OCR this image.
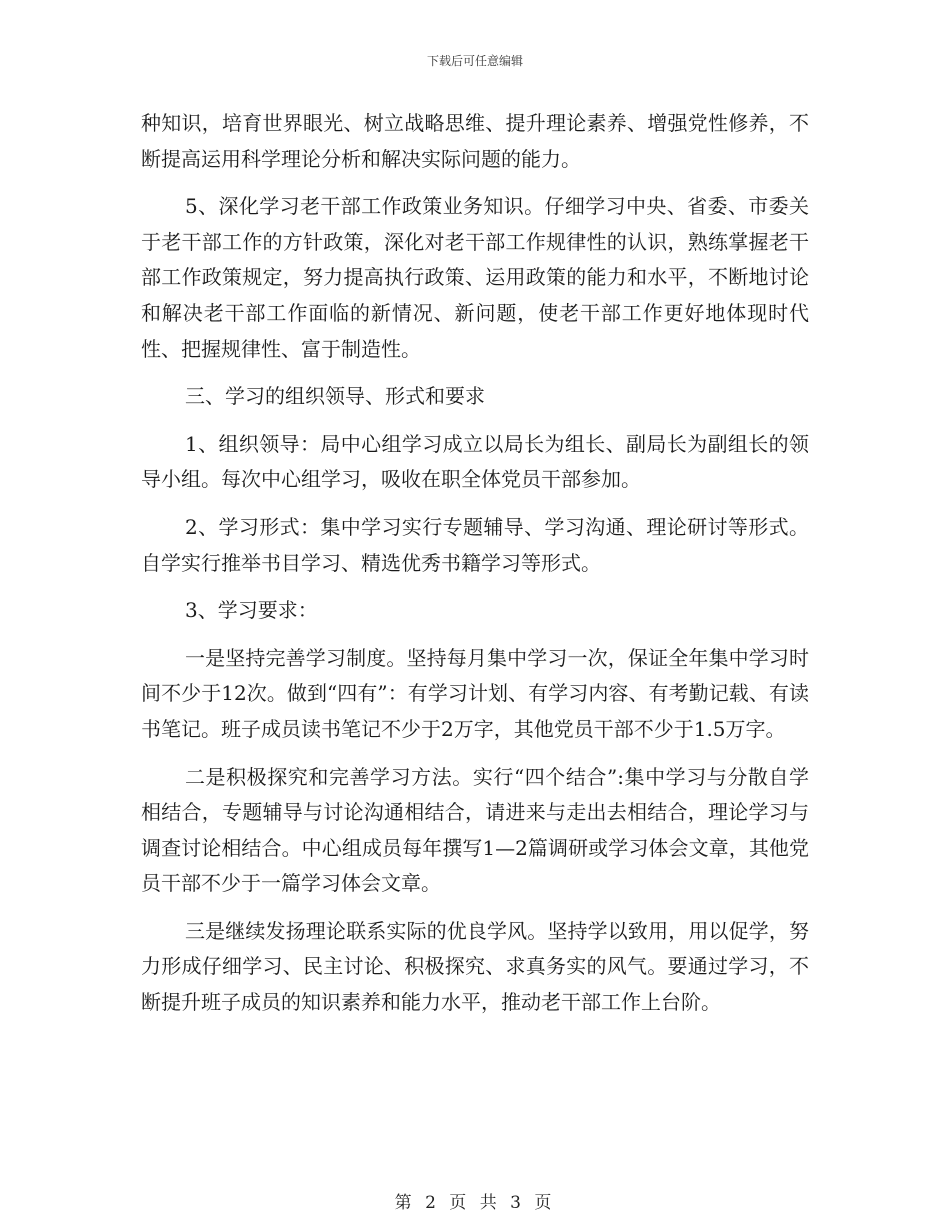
下载后可任意编辑

种知识，培育世界眼光、树立战略思维、提升理论素养、增强党性修养，不断提高运用科学理论分析和解决实际问题的能力。

5、深化学习老干部工作政策业务知识。仔细学习中央、省委、市委关于老干部工作的方针政策，深化对老干部工作规律性的认识，熟练掌握老干部工作政策规定，努力提高执行政策、运用政策的能力和水平，不断地讨论和解决老干部工作面临的新情况、新问题，使老干部工作更好地体现时代性、把握规律性、富于制造性。

三、学习的组织领导、形式和要求

1、组织领导：局中心组学习成立以局长为组长、副局长为副组长的领导小组。每次中心组学习，吸收在职全体党员干部参加。

2、学习形式：集中学习实行专题辅导、学习沟通、理论研讨等形式。自学实行推举书目学习、精选优秀书籍学习等形式。

3、学习要求：

一是坚持完善学习制度。坚持每月集中学习一次，保证全年集中学习时间不少于12次。做到“四有”：有学习计划、有学习内容、有考勤记载、有读书笔记。班子成员读书笔记不少于2万字，其他党员干部不少于1.5万字。

二是积极探究和完善学习方法。实行“四个结合”:集中学习与分散自学相结合，专题辅导与讨论沟通相结合，请进来与走出去相结合，理论学习与调查讨论相结合。中心组成员每年撰写1—2篇调研或学习体会文章，其他党员干部不少于一篇学习体会文章。

三是继续发扬理论联系实际的优良学风。坚持学以致用，用以促学，努力形成仔细学习、民主讨论、积极探究、求真务实的风气。要通过学习，不断提升班子成员的知识素养和能力水平，推动老干部工作上台阶。

第 2 页 共 3 页
